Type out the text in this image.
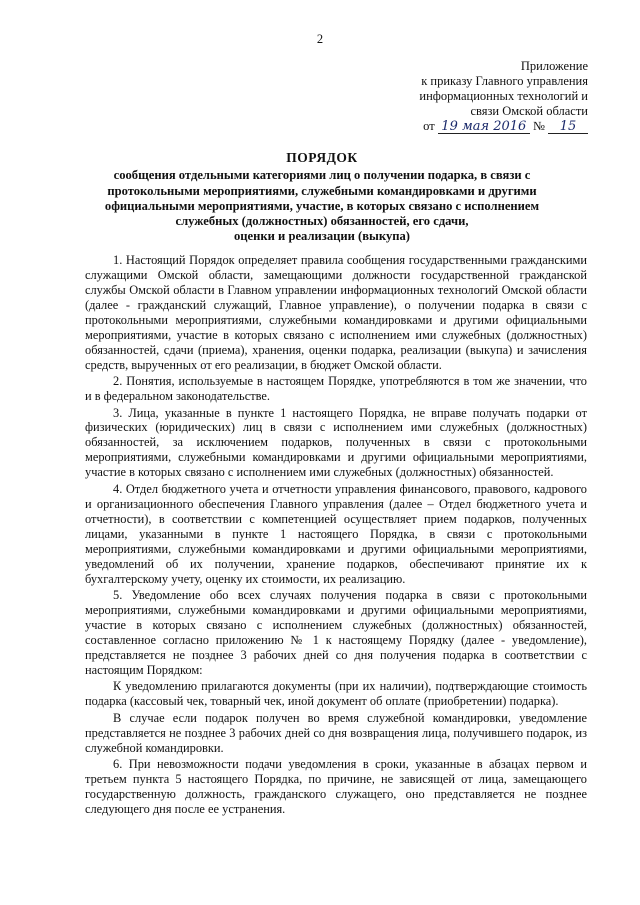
2
Приложение
к приказу Главного управления
информационных технологий и
связи Омской области
от 19 мая 2016 № 15
ПОРЯДОК
сообщения отдельными категориями лиц о получении подарка, в связи с
протокольными мероприятиями, служебными командировками и другими
официальными мероприятиями, участие, в которых связано с исполнением
служебных (должностных) обязанностей, его сдачи,
оценки и реализации (выкупа)

1. Настоящий Порядок определяет правила сообщения государственными гражданскими служащими Омской области, замещающими должности государственной гражданской службы Омской области в Главном управлении информационных технологий Омской области (далее - гражданский служащий, Главное управление), о получении подарка в связи с протокольными мероприятиями, служебными командировками и другими официальными мероприятиями, участие в которых связано с исполнением ими служебных (должностных) обязанностей, сдачи (приема), хранения, оценки подарка, реализации (выкупа) и зачисления средств, вырученных от его реализации, в бюджет Омской области.

2. Понятия, используемые в настоящем Порядке, употребляются в том же значении, что и в федеральном законодательстве.

3. Лица, указанные в пункте 1 настоящего Порядка, не вправе получать подарки от физических (юридических) лиц в связи с исполнением ими служебных (должностных) обязанностей, за исключением подарков, полученных в связи с протокольными мероприятиями, служебными командировками и другими официальными мероприятиями, участие в которых связано с исполнением ими служебных (должностных) обязанностей.

4. Отдел бюджетного учета и отчетности управления финансового, правового, кадрового и организационного обеспечения Главного управления (далее – Отдел бюджетного учета и отчетности), в соответствии с компетенцией осуществляет прием подарков, полученных лицами, указанными в пункте 1 настоящего Порядка, в связи с протокольными мероприятиями, служебными командировками и другими официальными мероприятиями, уведомлений об их получении, хранение подарков, обеспечивают принятие их к бухгалтерскому учету, оценку их стоимости, их реализацию.

5. Уведомление обо всех случаях получения подарка в связи с протокольными мероприятиями, служебными командировками и другими официальными мероприятиями, участие в которых связано с исполнением служебных (должностных) обязанностей, составленное согласно приложению № 1 к настоящему Порядку (далее - уведомление), представляется не позднее 3 рабочих дней со дня получения подарка в соответствии с настоящим Порядком:

К уведомлению прилагаются документы (при их наличии), подтверждающие стоимость подарка (кассовый чек, товарный чек, иной документ об оплате (приобретении) подарка).

В случае если подарок получен во время служебной командировки, уведомление представляется не позднее 3 рабочих дней со дня возвращения лица, получившего подарок, из служебной командировки.

6. При невозможности подачи уведомления в сроки, указанные в абзацах первом и третьем пункта 5 настоящего Порядка, по причине, не зависящей от лица, замещающего государственную должность, гражданского служащего, оно представляется не позднее следующего дня после ее устранения.
